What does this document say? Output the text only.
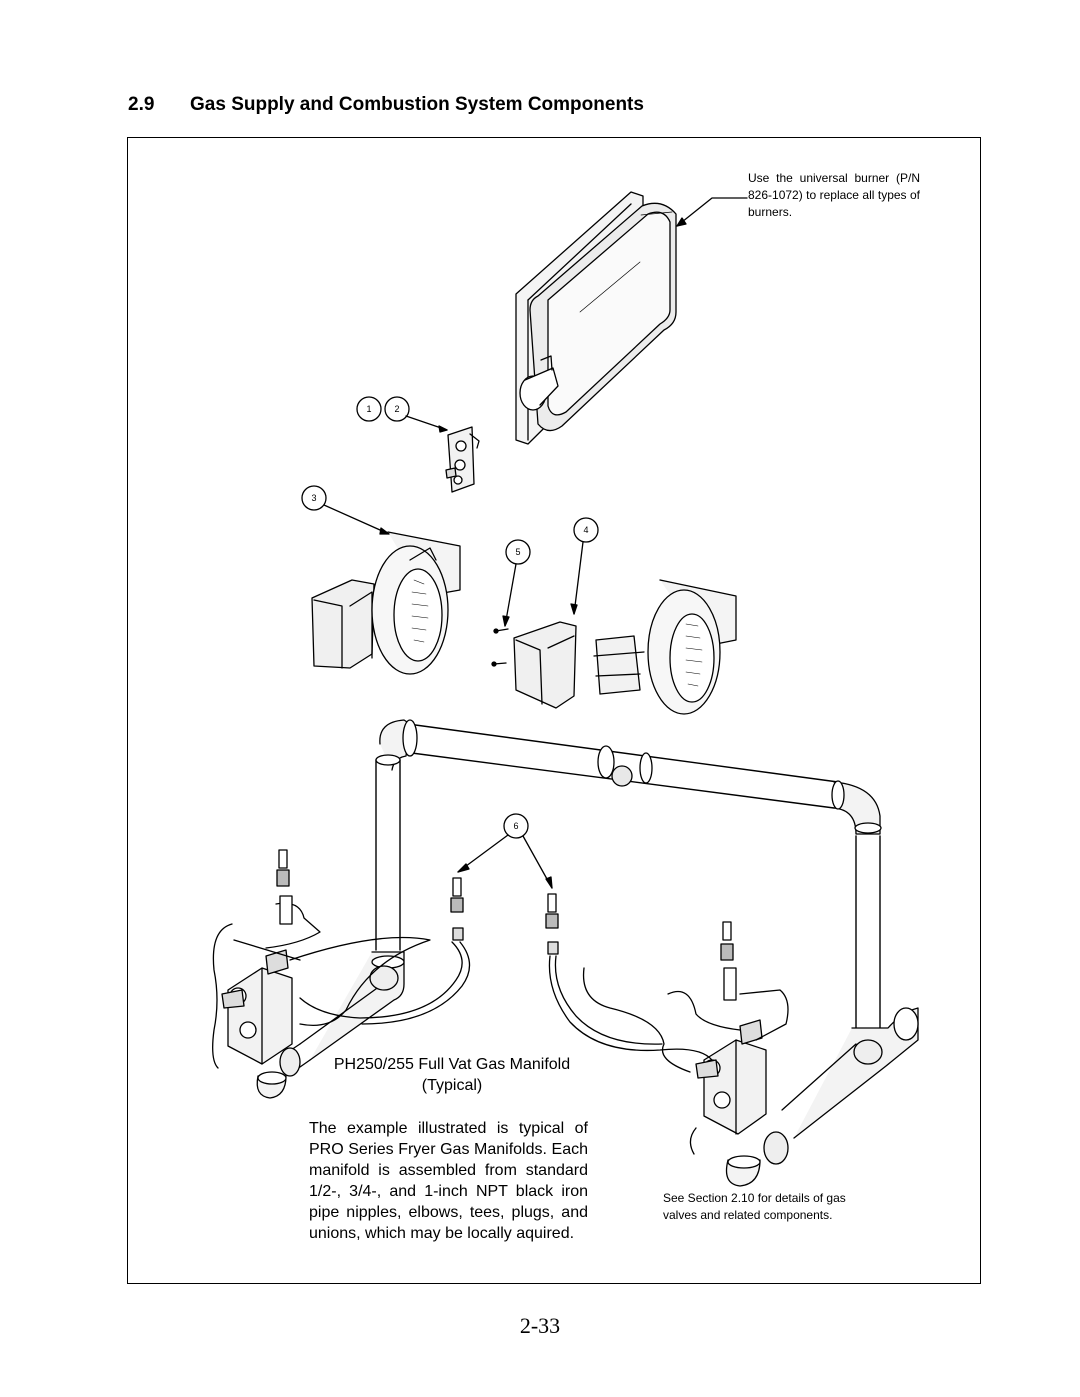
2.9 Gas Supply and Combustion System Components
1	2
3
4
5
6
Use the universal burner (P/N 826-1072) to replace all types of burners.
See Section 2.10 for details of gas valves and related components.
PH250/255 Full Vat Gas Manifold
(Typical)
The example illustrated is typical of PRO Series Fryer Gas Manifolds. Each manifold is assembled from standard 1/2-, 3/4-, and 1-inch NPT black iron pipe nipples, elbows, tees, plugs, and unions, which may be locally aquired.
2-33
